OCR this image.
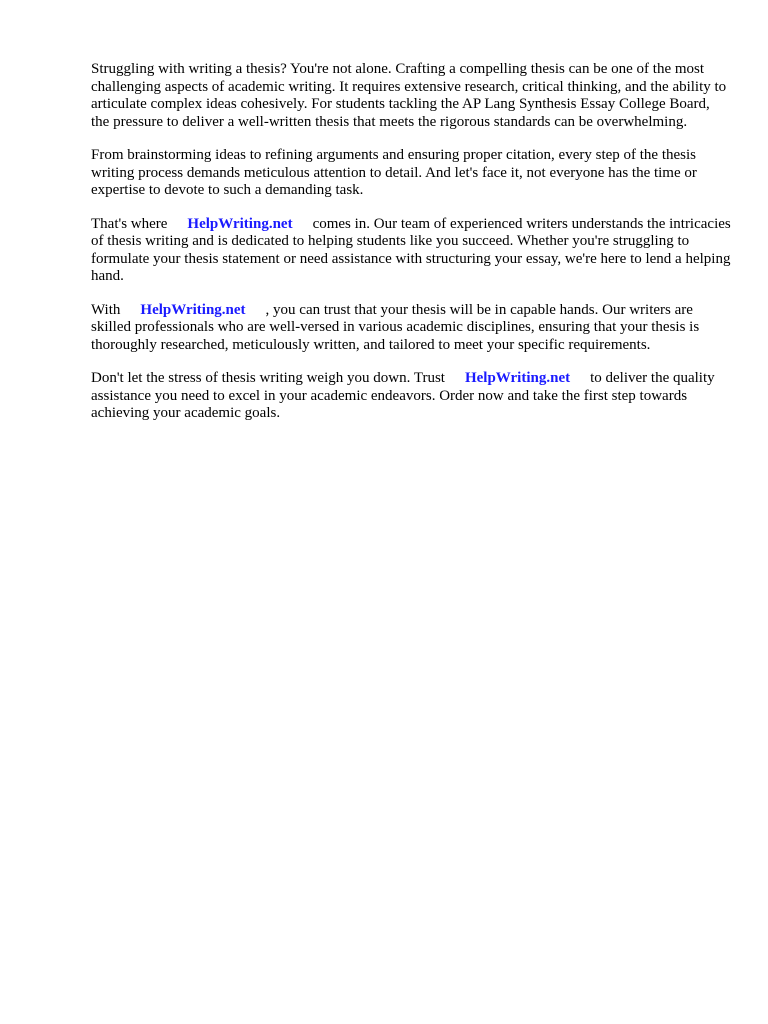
Struggling with writing a thesis? You're not alone. Crafting a compelling thesis can be one of the most challenging aspects of academic writing. It requires extensive research, critical thinking, and the ability to articulate complex ideas cohesively. For students tackling the AP Lang Synthesis Essay College Board, the pressure to deliver a well-written thesis that meets the rigorous standards can be overwhelming.

From brainstorming ideas to refining arguments and ensuring proper citation, every step of the thesis writing process demands meticulous attention to detail. And let's face it, not everyone has the time or expertise to devote to such a demanding task.

That's where HelpWriting.net comes in. Our team of experienced writers understands the intricacies of thesis writing and is dedicated to helping students like you succeed. Whether you're struggling to formulate your thesis statement or need assistance with structuring your essay, we're here to lend a helping hand.

With HelpWriting.net , you can trust that your thesis will be in capable hands. Our writers are skilled professionals who are well-versed in various academic disciplines, ensuring that your thesis is thoroughly researched, meticulously written, and tailored to meet your specific requirements.

Don't let the stress of thesis writing weigh you down. Trust HelpWriting.net to deliver the quality assistance you need to excel in your academic endeavors. Order now and take the first step towards achieving your academic goals.
